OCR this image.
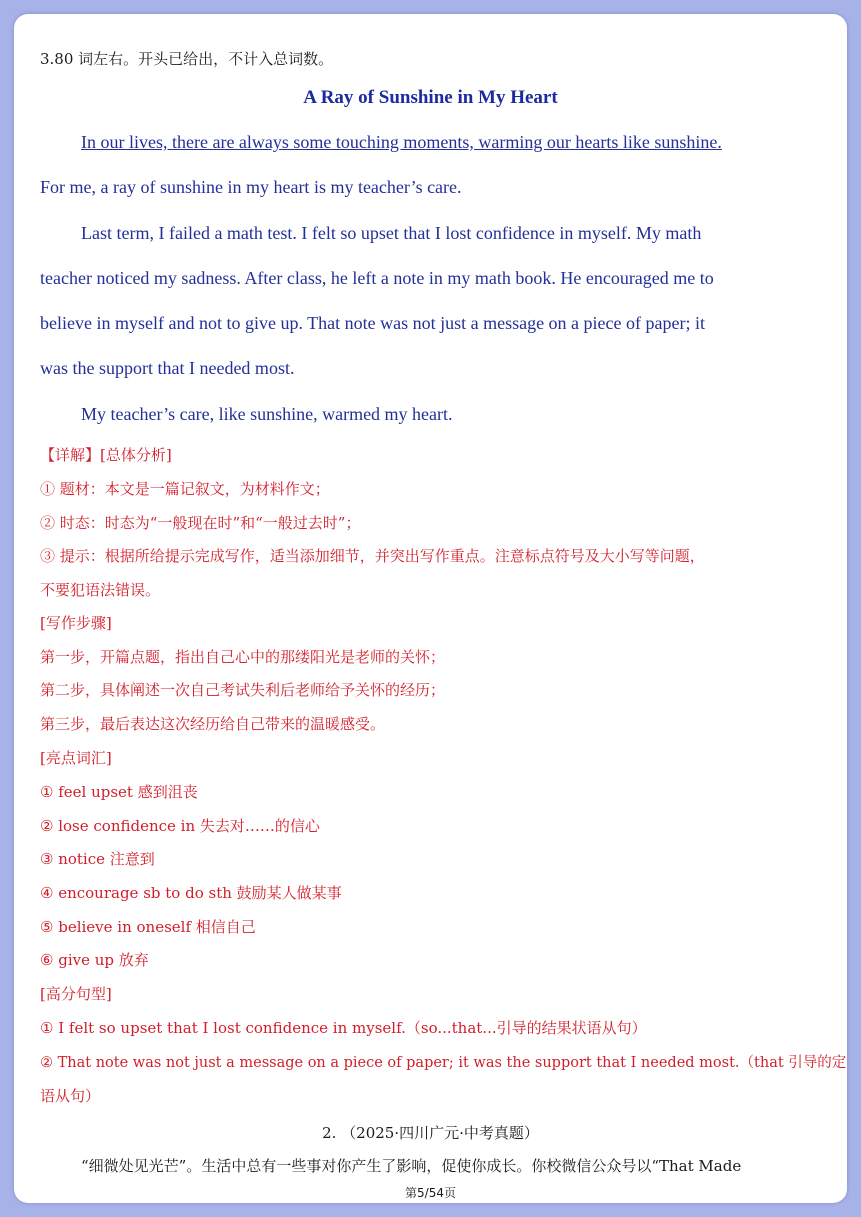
3.80 词左右。开头已给出，不计入总词数。
A Ray of Sunshine in My Heart
In our lives, there are always some touching moments, warming our hearts like sunshine.
For me, a ray of sunshine in my heart is my teacher’s care.
Last term, I failed a math test. I felt so upset that I lost confidence in myself. My math
teacher noticed my sadness. After class, he left a note in my math book. He encouraged me to
believe in myself and not to give up. That note was not just a message on a piece of paper; it
was the support that I needed most.
My teacher’s care, like sunshine, warmed my heart.
【详解】[总体分析]
① 题材：本文是一篇记叙文，为材料作文；
② 时态：时态为“一般现在时”和“一般过去时”；
③ 提示：根据所给提示完成写作，适当添加细节，并突出写作重点。注意标点符号及大小写等问题，
不要犯语法错误。
[写作步骤]
第一步，开篇点题，指出自己心中的那缕阳光是老师的关怀；
第二步，具体阐述一次自己考试失利后老师给予关怀的经历；
第三步，最后表达这次经历给自己带来的温暖感受。
[亮点词汇]
① feel upset 感到沮丧
② lose confidence in 失去对……的信心
③ notice 注意到
④ encourage sb to do sth 鼓励某人做某事
⑤ believe in oneself 相信自己
⑥ give up 放弃
[高分句型]
① I felt so upset that I lost confidence in myself.（so...that...引导的结果状语从句）
② That note was not just a message on a piece of paper; it was the support that I needed most.（that 引导的定
语从句）
2. （2025·四川广元·中考真题）
“细微处见光芒”。生活中总有一些事对你产生了影响，促使你成长。你校微信公众号以“That Made
第5/54页
